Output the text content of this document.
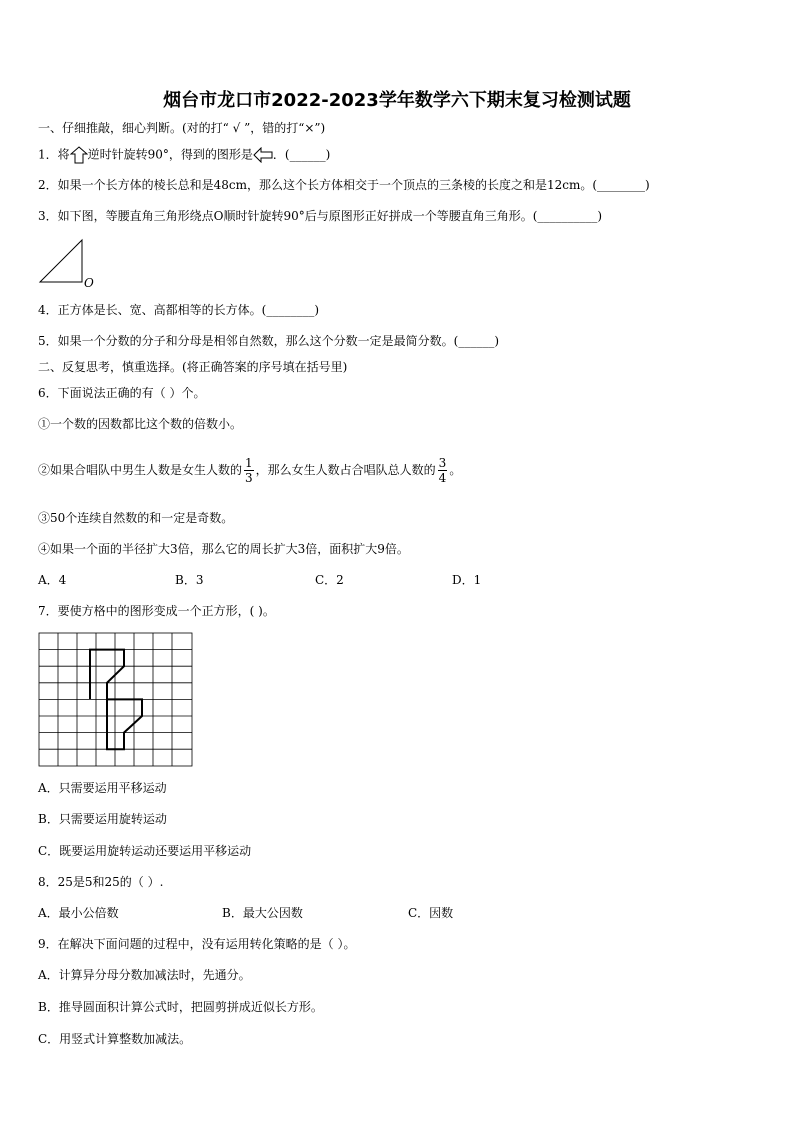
烟台市龙口市2022-2023学年数学六下期末复习检测试题
一、仔细推敲，细心判断。(对的打“ √ ”，错的打“×”)
1．将 逆时针旋转90°，得到的图形是 ．(______)
2．如果一个长方体的棱长总和是48cm，那么这个长方体相交于一个顶点的三条棱的长度之和是12cm。(________)
3．如下图，等腰直角三角形绕点O顺时针旋转90°后与原图形正好拼成一个等腰直角三角形。(__________)
O
4．正方体是长、宽、高都相等的长方体。(________)
5．如果一个分数的分子和分母是相邻自然数，那么这个分数一定是最简分数。(______)
二、反复思考，慎重选择。(将正确答案的序号填在括号里)
6．下面说法正确的有（ ）个。
①一个数的因数都比这个数的倍数小。
②如果合唱队中男生人数是女生人数的 $\frac{1}{3}$ ，那么女生人数占合唱队总人数的 $\frac{3}{4}$ 。
③50个连续自然数的和一定是奇数。
④如果一个面的半径扩大3倍，那么它的周长扩大3倍，面积扩大9倍。
A．4	B．3	C．2	D．1
7．要使方格中的图形变成一个正方形，( )。
A．只需要运用平移运动
B．只需要运用旋转运动
C．既要运用旋转运动还要运用平移运动
8．25是5和25的（ ）.
A．最小公倍数	B．最大公因数	C．因数
9．在解决下面问题的过程中，没有运用转化策略的是（ ）。
A．计算异分母分数加减法时，先通分。
B．推导圆面积计算公式时，把圆剪拼成近似长方形。
C．用竖式计算整数加减法。
